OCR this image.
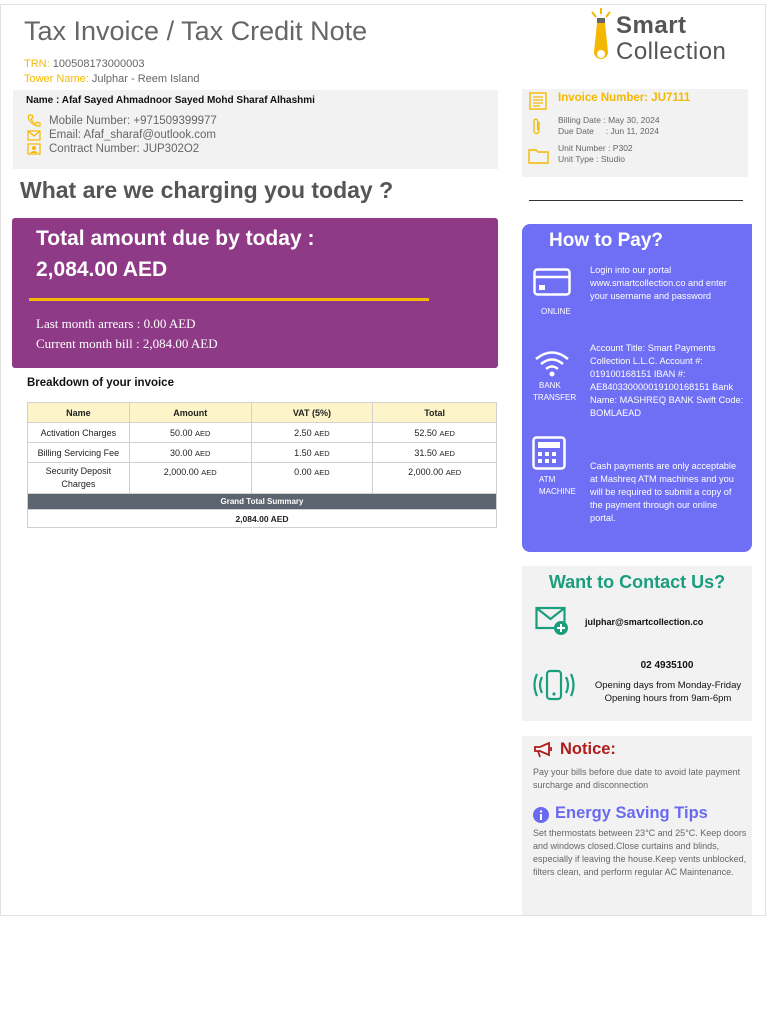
Tax Invoice / Tax Credit Note	Smart
Collection
TRN: 100508173000003
Tower Name: Julphar - Reem Island
Name : Afaf Sayed Ahmadnoor Sayed Mohd Sharaf Alhashmi
Mobile Number: +971509399977
Email: Afaf_sharaf@outlook.com
Contract Number: JUP302O2
Invoice Number: JU7111
Billing Date : May 30, 2024
Due Date     : Jun 11, 2024
Unit Number : P302
Unit Type : Studio
What are we charging you today ?
Total amount due by today :
2,084.00 AED
Last month arrears : 0.00 AED
Current month bill : 2,084.00 AED
Breakdown of your invoice
Name	Amount	VAT (5%)	Total
Activation Charges	50.00 AED	2.50 AED	52.50 AED
Billing Servicing Fee	30.00 AED	1.50 AED	31.50 AED
Security Deposit Charges	2,000.00 AED	0.00 AED	2,000.00 AED
Grand Total Summary			
2,084.00 AED			
How to Pay?
ONLINE
Login into our portal www.smartcollection.co and enter your username and password
BANK
TRANSFER
Account Title: Smart Payments Collection L.L.C. Account #: 019100168151 IBAN #: AE840330000019100168151 Bank Name: MASHREQ BANK Swift Code: BOMLAEAD
ATM
MACHINE
Cash payments are only acceptable at Mashreq ATM machines and you will be required to submit a copy of the payment through our online portal.
Want to Contact Us?
julphar@smartcollection.co
02 4935100
Opening days from Monday-Friday
Opening hours from 9am-6pm
Notice:
Pay your bills before due date to avoid late payment surcharge and disconnection
Energy Saving Tips
Set thermostats between 23°C and 25°C. Keep doors and windows closed.Close curtains and blinds, especially if leaving the house.Keep vents unblocked, filters clean, and perform regular AC Maintenance.
